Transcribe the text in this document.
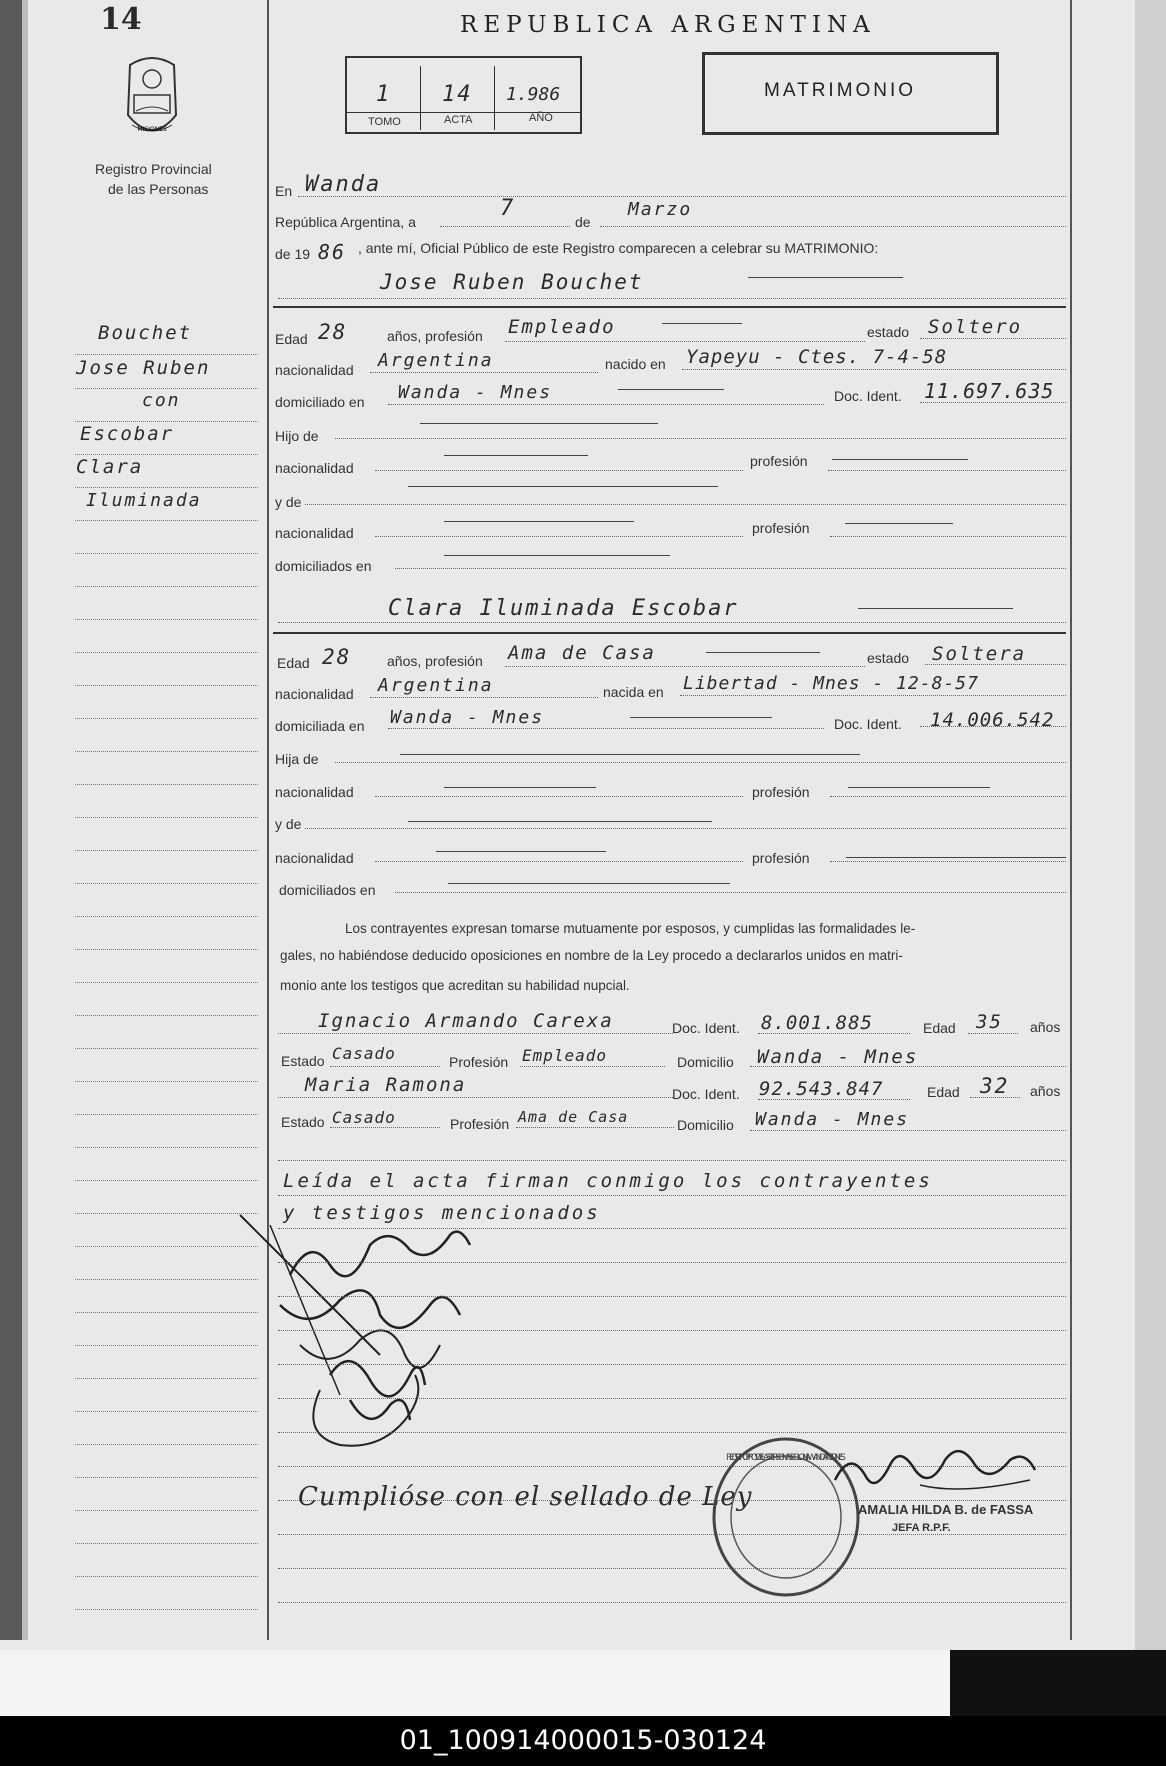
14
MISIONES
Registro Provincial
de las Personas
REPUBLICA ARGENTINA
1 14 1.986
TOMO	ACTA	AÑO
MATRIMONIO
En Wanda
República Argentina, a
7
de
Marzo
de 19 86 , ante mí, Oficial Público de este Registro comparecen a celebrar su MATRIMONIO:
Jose Ruben Bouchet
Edad 28	años, profesión Empleado	estado Soltero
nacionalidad Argentina	nacido en Yapeyu - Ctes. 7-4-58
domiciliado en Wanda - Mnes	Doc. Ident. 11.697.635
Hijo de
nacionalidad	profesión
y de
nacionalidad	profesión
domiciliados en
Clara Iluminada Escobar
Edad 28	años, profesión Ama de Casa	estado Soltera
nacionalidad Argentina	nacida en Libertad - Mnes - 12-8-57
domiciliada en Wanda - Mnes	Doc. Ident. 14.006.542
Hija de
nacionalidad	profesión
y de
nacionalidad	profesión
domiciliados en
Los contrayentes expresan tomarse mutuamente por esposos, y cumplidas las formalidades le-
gales, no habiéndose deducido oposiciones en nombre de la Ley procedo a declararlos unidos en matri-
monio ante los testigos que acreditan su habilidad nupcial.
Ignacio Armando Carexa	Doc. Ident. 8.001.885	Edad 35 años
Estado Casado	Profesión Empleado	Domicilio Wanda - Mnes
Maria Ramona	Doc. Ident. 92.543.847	Edad 32 años
Estado Casado	Profesión Ama de Casa	Domicilio Wanda - Mnes
Leída el acta firman conmigo los contrayentes
y testigos mencionados
Cumplióse con el sellado de Ley
REGISTRO PROV. DE LAS PERSONAS COLONIA WANDA MISIONES
AMALIA HILDA B. de FASSA
JEFA R.P.F.
Bouchet
Jose Ruben
con
Escobar
Clara
Iluminada
01_100914000015-030124
